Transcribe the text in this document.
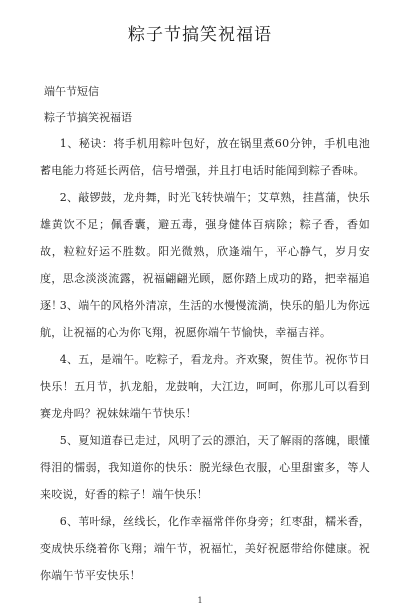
粽子节搞笑祝福语
端午节短信
粽子节搞笑祝福语
1、秘诀：将手机用粽叶包好，放在锅里煮60分钟，手机电池蓄电能力将延长两倍，信号增强，并且打电话时能闻到粽子香味。
2、敲锣鼓，龙舟舞，时光飞转快端午；艾草熟，挂菖蒲，快乐雄黄饮不足；佩香囊，避五毒，强身健体百病除；粽子香，香如故，粒粒好运不胜数。阳光微熟，欣逢端午，平心静气，岁月安度，思念淡淡流露，祝福翩翩光顾，愿你踏上成功的路，把幸福追逐！
3、端午的风格外清凉，生活的水慢慢流淌，快乐的船儿为你远航，让祝福的心为你飞翔，祝愿你端午节愉快，幸福吉祥。
4、五，是端午。吃粽子，看龙舟。齐欢聚，贺佳节。祝你节日快乐！五月节，扒龙船，龙鼓响，大江边，呵呵，你那儿可以看到赛龙舟吗？祝妹妹端午节快乐！
5、夏知道春已走过，风明了云的漂泊，天了解雨的落魄，眼懂得泪的懦弱，我知道你的快乐：脱光绿色衣服，心里甜蜜多，等人来咬说，好香的粽子！端午快乐！
6、苇叶绿，丝线长，化作幸福常伴你身旁；红枣甜，糯米香，变成快乐绕着你飞翔；端午节，祝福忙，美好祝愿带给你健康。祝你端午节平安快乐！
1
